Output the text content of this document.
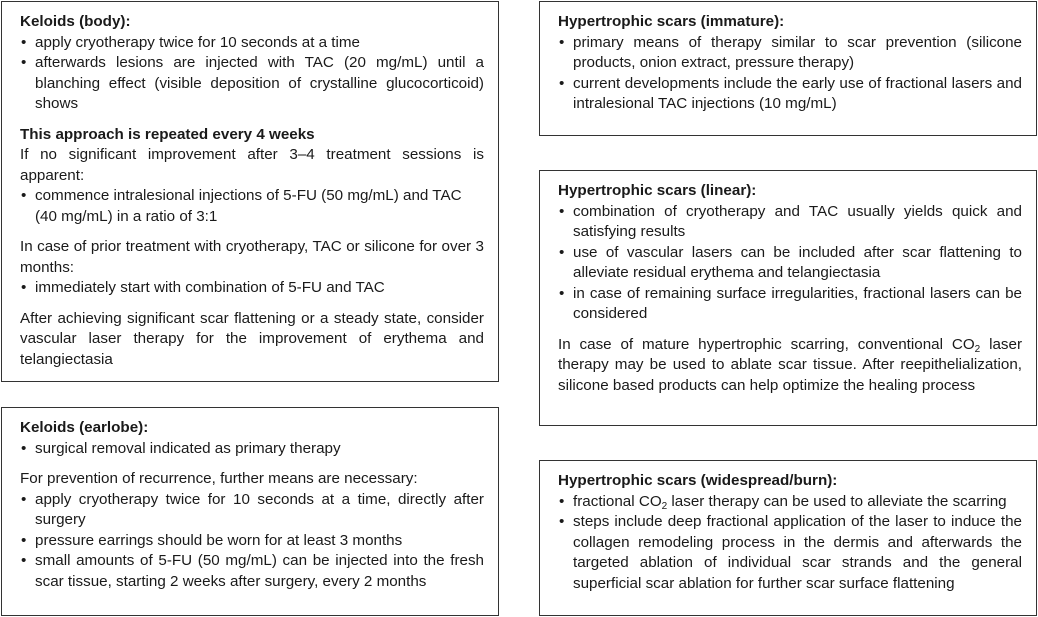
Keloids (body):
• apply cryotherapy twice for 10 seconds at a time
• afterwards lesions are injected with TAC (20 mg/mL) until a blanching effect (visible deposition of crystalline glucocorticoid) shows
This approach is repeated every 4 weeks

If no significant improvement after 3–4 treatment sessions is apparent:

• commence intralesional injections of 5-FU (50 mg/mL) and TAC (40 mg/mL) in a ratio of 3:1

In case of prior treatment with cryotherapy, TAC or silicone for over 3 months:

• immediately start with combination of 5-FU and TAC

After achieving significant scar flattening or a steady state, consider vascular laser therapy for the improvement of erythema and telangiectasia

Keloids (earlobe):
• surgical removal indicated as primary therapy

For prevention of recurrence, further means are necessary:

• apply cryotherapy twice for 10 seconds at a time, directly after surgery
• pressure earrings should be worn for at least 3 months
• small amounts of 5-FU (50 mg/mL) can be injected into the fresh scar tissue, starting 2 weeks after surgery, every 2 months
Hypertrophic scars (immature):
• primary means of therapy similar to scar prevention (silicone products, onion extract, pressure therapy)
• current developments include the early use of fractional lasers and intralesional TAC injections (10 mg/mL)
Hypertrophic scars (linear):
• combination of cryotherapy and TAC usually yields quick and satisfying results
• use of vascular lasers can be included after scar flattening to alleviate residual erythema and telangiectasia
• in case of remaining surface irregularities, fractional lasers can be considered

In case of mature hypertrophic scarring, conventional $CO_2$ laser therapy may be used to ablate scar tissue. After reepithelialization, silicone based products can help optimize the healing process

Hypertrophic scars (widespread/burn):
• fractional $CO_2$ laser therapy can be used to alleviate the scarring
• steps include deep fractional application of the laser to induce the collagen remodeling process in the dermis and afterwards the targeted ablation of individual scar strands and the general superficial scar ablation for further scar surface flattening
